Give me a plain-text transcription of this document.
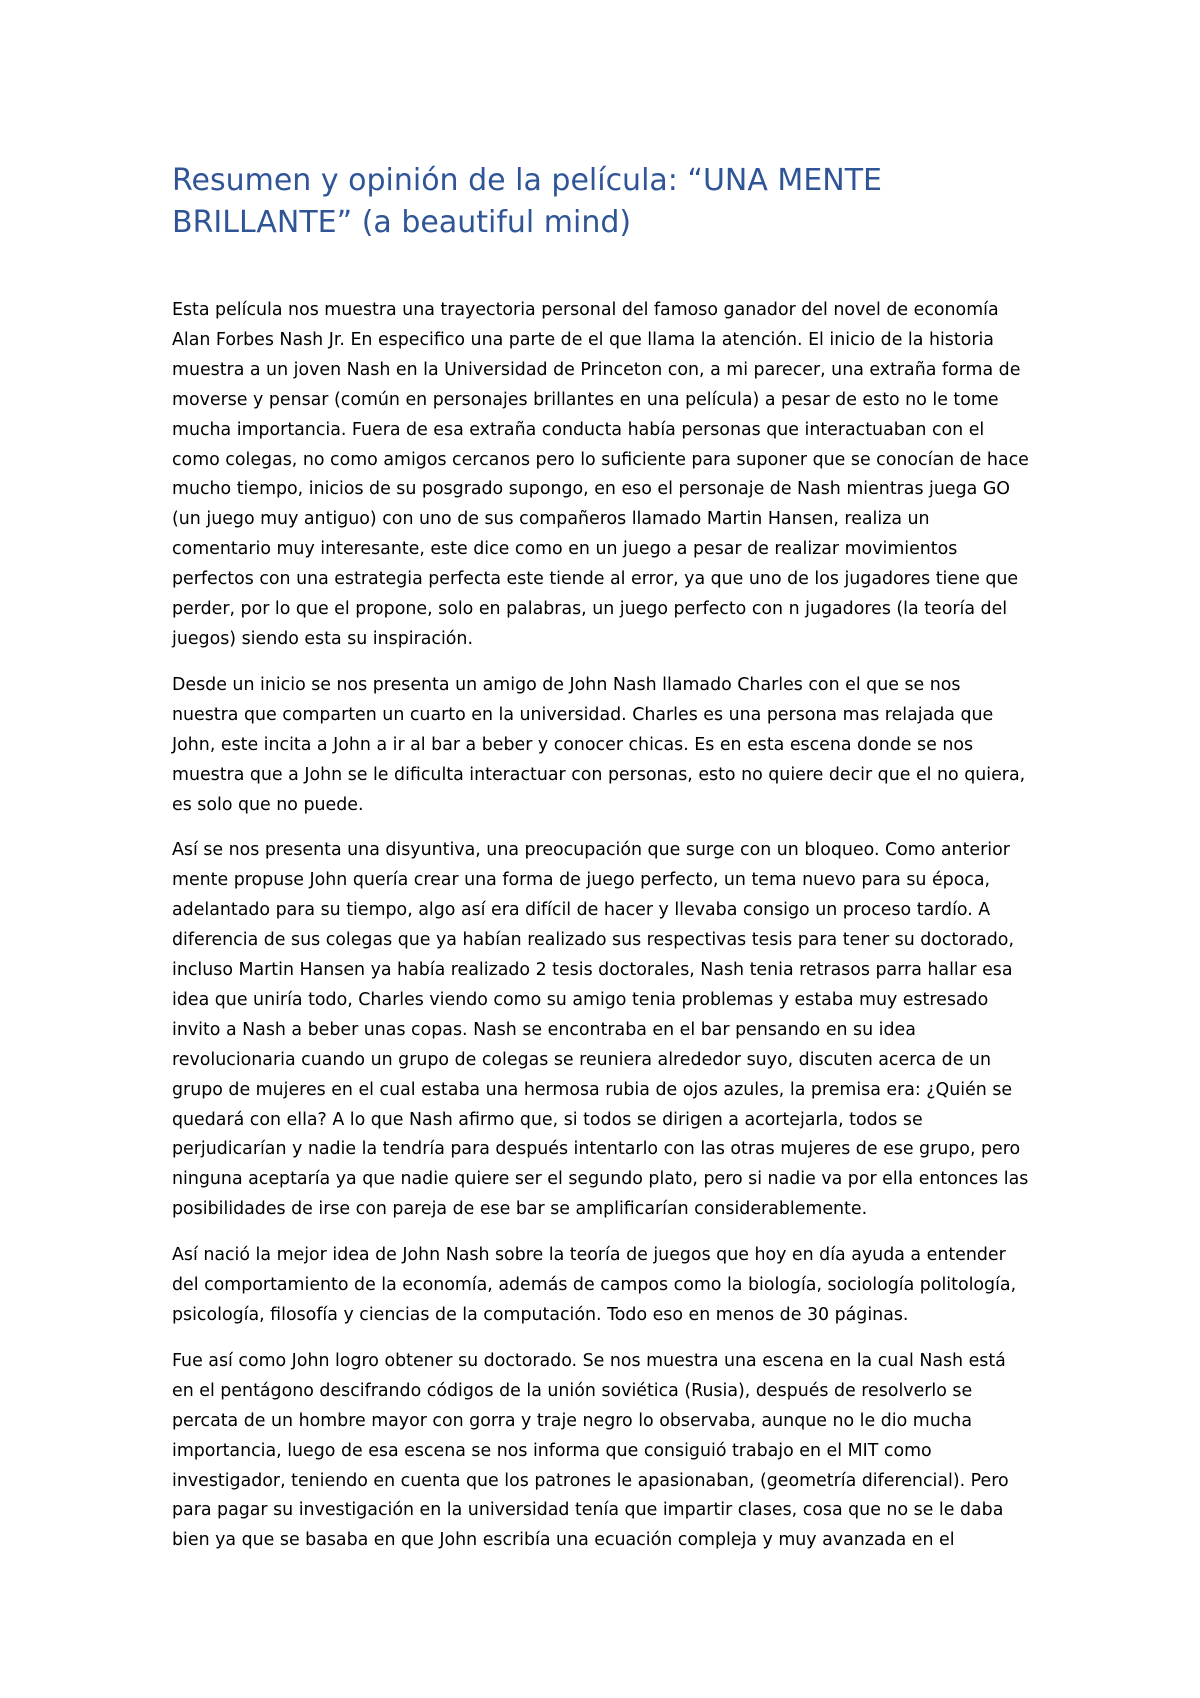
Resumen y opinión de la película: “UNA MENTE
BRILLANTE” (a beautiful mind)

Esta película nos muestra una trayectoria personal del famoso ganador del novel de economía Alan Forbes Nash Jr. En especifico una parte de el que llama la atención. El inicio de la historia muestra a un joven Nash en la Universidad de Princeton con, a mi parecer, una extraña forma de moverse y pensar (común en personajes brillantes en una película) a pesar de esto no le tome mucha importancia. Fuera de esa extraña conducta había personas que interactuaban con el como colegas, no como amigos cercanos pero lo suficiente para suponer que se conocían de hace mucho tiempo, inicios de su posgrado supongo, en eso el personaje de Nash mientras juega GO (un juego muy antiguo) con uno de sus compañeros llamado Martin Hansen, realiza un comentario muy interesante, este dice como en un juego a pesar de realizar movimientos perfectos con una estrategia perfecta este tiende al error, ya que uno de los jugadores tiene que perder, por lo que el propone, solo en palabras, un juego perfecto con n jugadores (la teoría del juegos) siendo esta su inspiración.

Desde un inicio se nos presenta un amigo de John Nash llamado Charles con el que se nos nuestra que comparten un cuarto en la universidad. Charles es una persona mas relajada que John, este incita a John a ir al bar a beber y conocer chicas. Es en esta escena donde se nos muestra que a John se le dificulta interactuar con personas, esto no quiere decir que el no quiera, es solo que no puede.

Así se nos presenta una disyuntiva, una preocupación que surge con un bloqueo. Como anterior mente propuse John quería crear una forma de juego perfecto, un tema nuevo para su época, adelantado para su tiempo, algo así era difícil de hacer y llevaba consigo un proceso tardío. A diferencia de sus colegas que ya habían realizado sus respectivas tesis para tener su doctorado, incluso Martin Hansen ya había realizado 2 tesis doctorales, Nash tenia retrasos parra hallar esa idea que uniría todo, Charles viendo como su amigo tenia problemas y estaba muy estresado invito a Nash a beber unas copas. Nash se encontraba en el bar pensando en su idea revolucionaria cuando un grupo de colegas se reuniera alrededor suyo, discuten acerca de un grupo de mujeres en el cual estaba una hermosa rubia de ojos azules, la premisa era: ¿Quién se quedará con ella? A lo que Nash afirmo que, si todos se dirigen a acortejarla, todos se perjudicarían y nadie la tendría para después intentarlo con las otras mujeres de ese grupo, pero ninguna aceptaría ya que nadie quiere ser el segundo plato, pero si nadie va por ella entonces las posibilidades de irse con pareja de ese bar se amplificarían considerablemente.

Así nació la mejor idea de John Nash sobre la teoría de juegos que hoy en día ayuda a entender del comportamiento de la economía, además de campos como la biología, sociología politología, psicología, filosofía y ciencias de la computación. Todo eso en menos de 30 páginas.

Fue así como John logro obtener su doctorado. Se nos muestra una escena en la cual Nash está en el pentágono descifrando códigos de la unión soviética (Rusia), después de resolverlo se percata de un hombre mayor con gorra y traje negro lo observaba, aunque no le dio mucha importancia, luego de esa escena se nos informa que consiguió trabajo en el MIT como investigador, teniendo en cuenta que los patrones le apasionaban, (geometría diferencial). Pero para pagar su investigación en la universidad tenía que impartir clases, cosa que no se le daba bien ya que se basaba en que John escribía una ecuación compleja y muy avanzada en el
